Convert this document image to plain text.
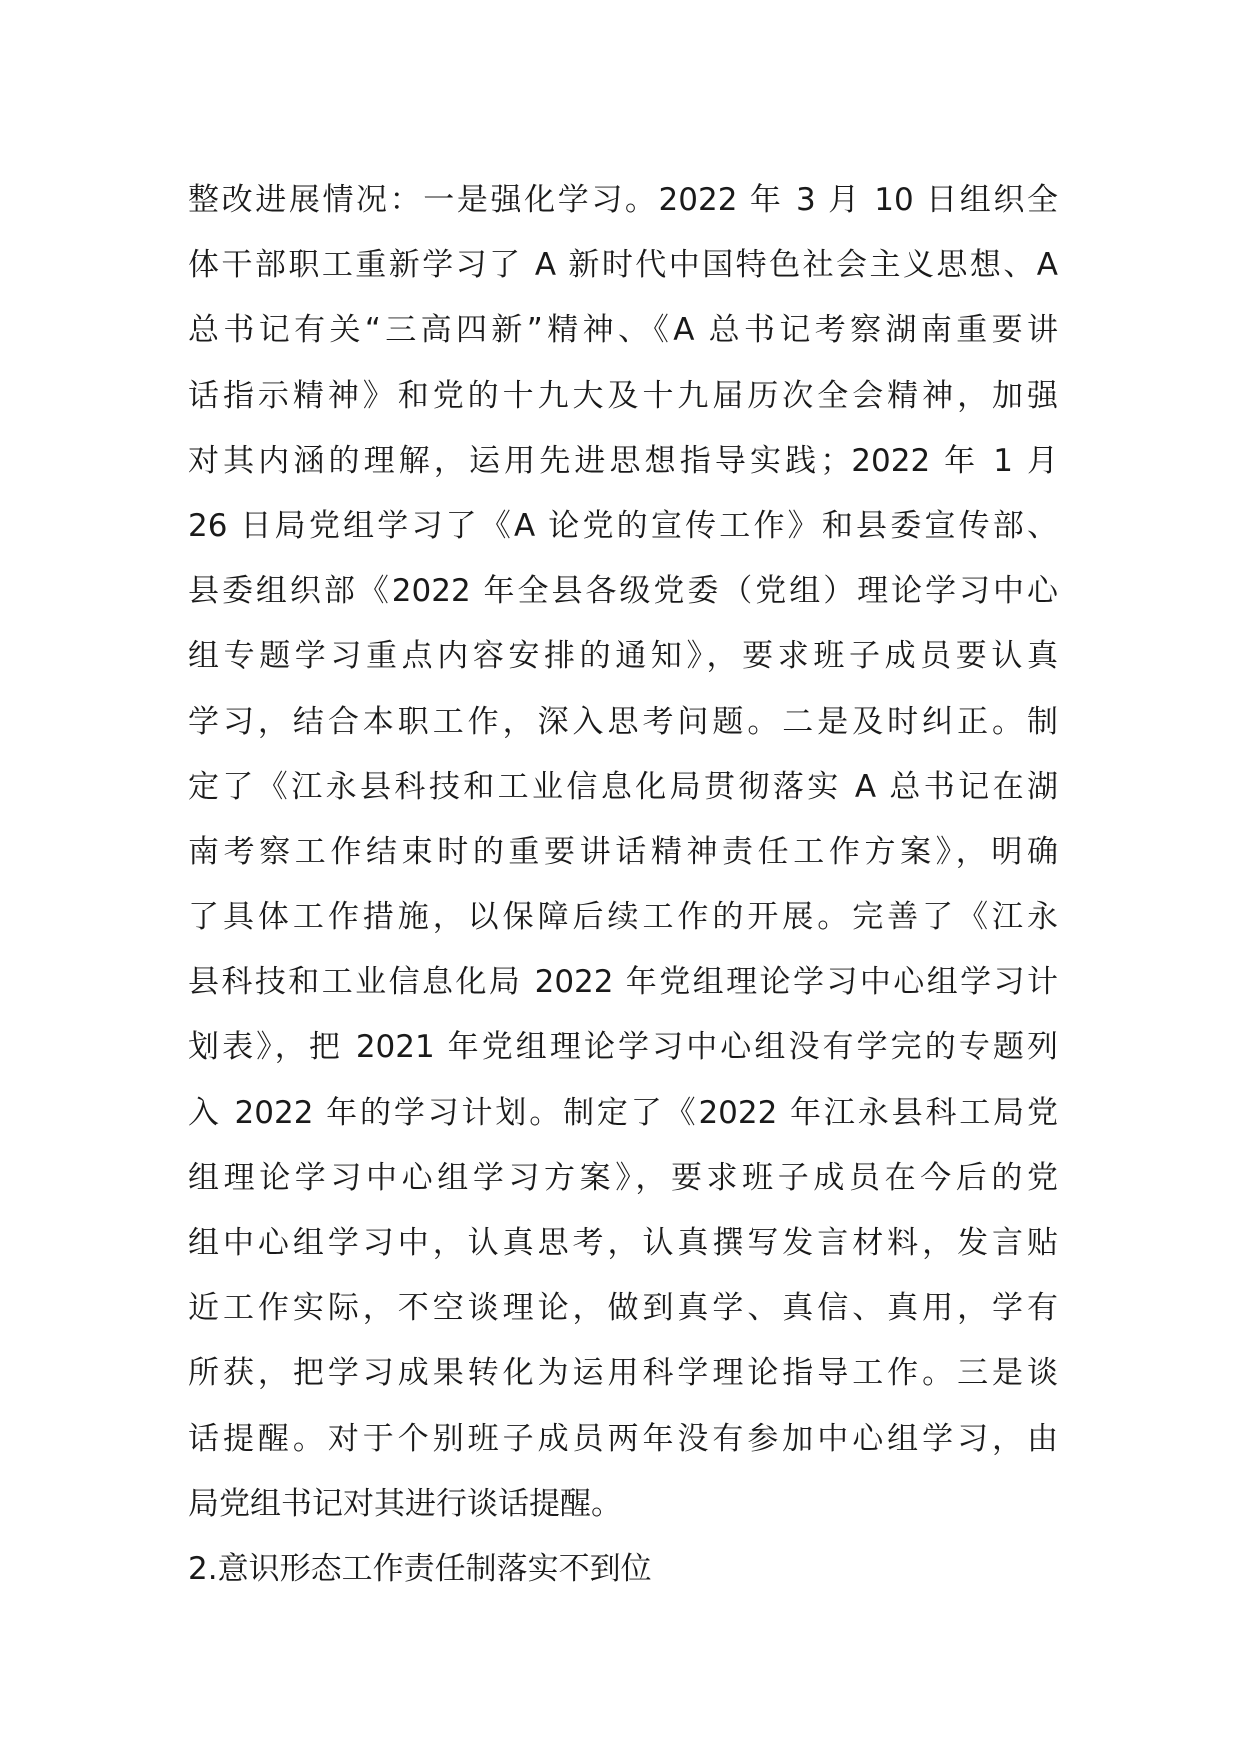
整改进展情况：一是强化学习。2022 年 3 月 10 日组织全
体干部职工重新学习了 A 新时代中国特色社会主义思想、A
总书记有关“三高四新”精神、《A 总书记考察湖南重要讲
话指示精神》和党的十九大及十九届历次全会精神，加强
对其内涵的理解，运用先进思想指导实践；2022 年 1 月
26 日局党组学习了《A 论党的宣传工作》和县委宣传部、
县委组织部《2022 年全县各级党委（党组）理论学习中心
组专题学习重点内容安排的通知》，要求班子成员要认真
学习，结合本职工作，深入思考问题。二是及时纠正。制
定了《江永县科技和工业信息化局贯彻落实 A 总书记在湖
南考察工作结束时的重要讲话精神责任工作方案》，明确
了具体工作措施，以保障后续工作的开展。完善了《江永
县科技和工业信息化局 2022 年党组理论学习中心组学习计
划表》，把 2021 年党组理论学习中心组没有学完的专题列
入 2022 年的学习计划。制定了《2022 年江永县科工局党
组理论学习中心组学习方案》，要求班子成员在今后的党
组中心组学习中，认真思考，认真撰写发言材料，发言贴
近工作实际，不空谈理论，做到真学、真信、真用，学有
所获，把学习成果转化为运用科学理论指导工作。三是谈
话提醒。对于个别班子成员两年没有参加中心组学习，由
局党组书记对其进行谈话提醒。
2.意识形态工作责任制落实不到位
